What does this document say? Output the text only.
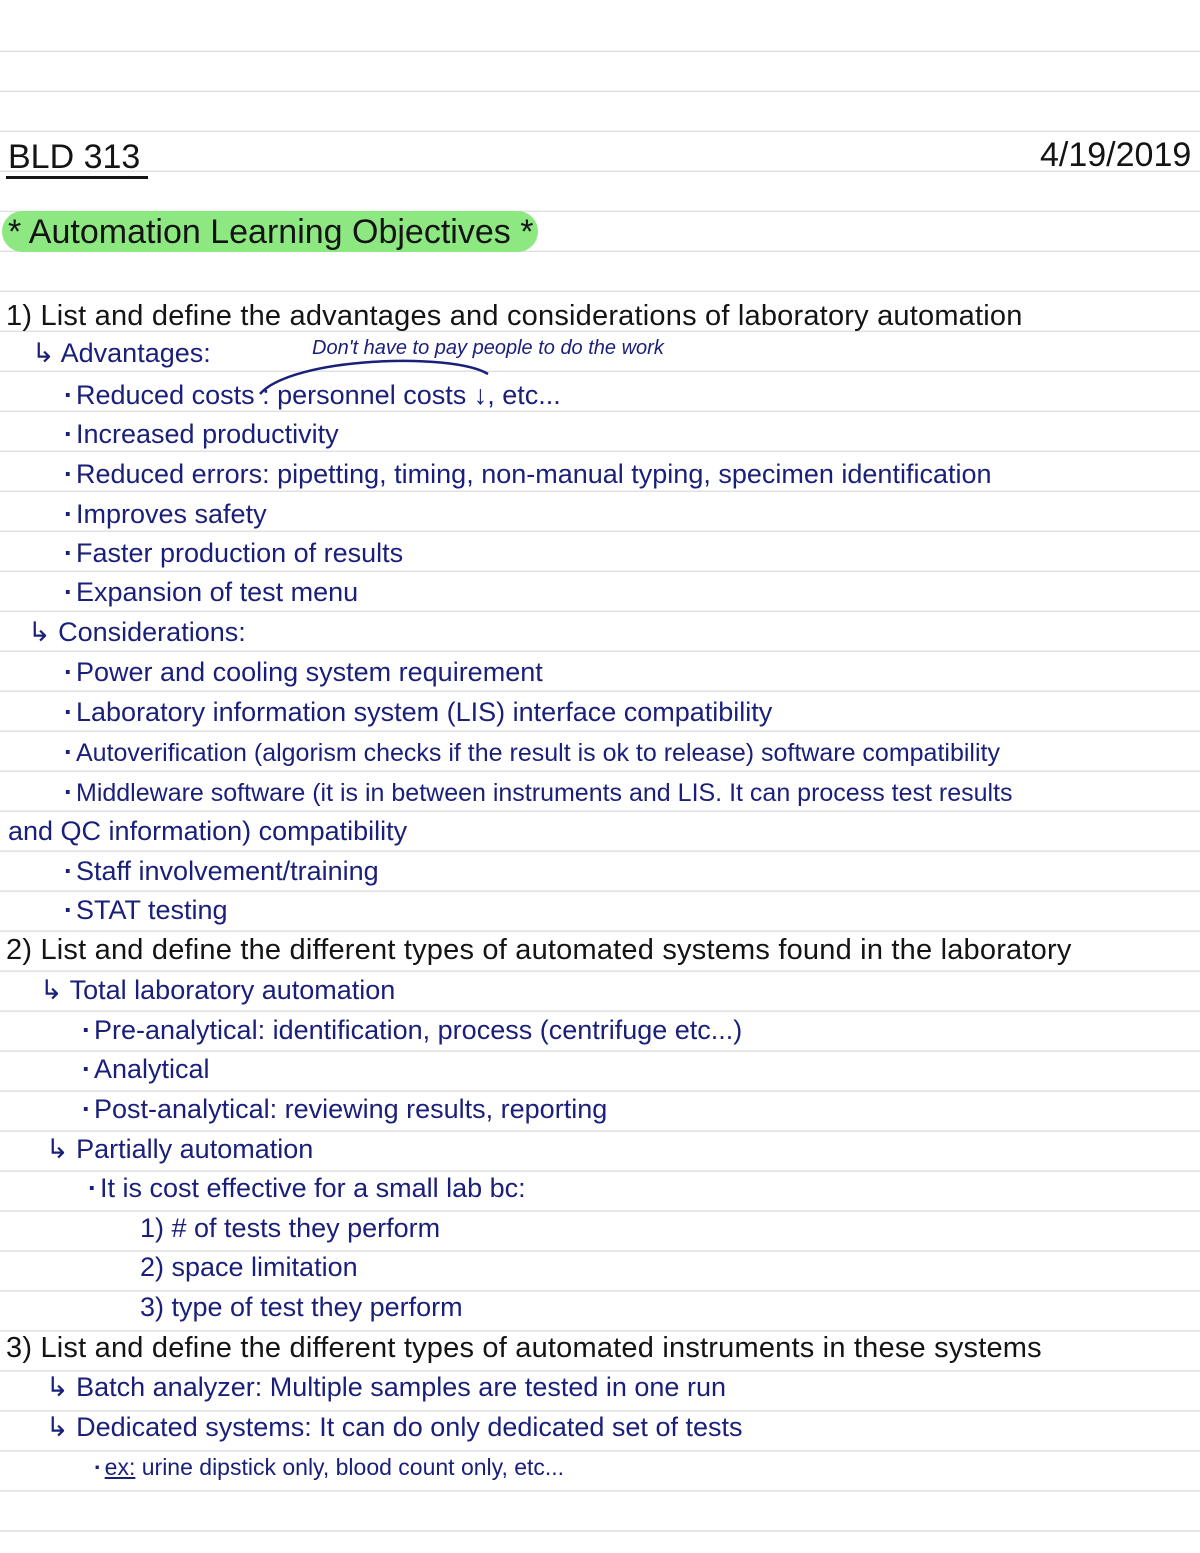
BLD 313	4/19/2019
* Automation Learning Objectives *
1) List and define the advantages and considerations of laboratory automation
Don't have to pay people to do the work
↳ Advantages:
· Reduced costs : personnel costs ↓, etc...
· Increased productivity
· Reduced errors: pipetting, timing, non-manual typing, specimen identification
· Improves safety
· Faster production of results
· Expansion of test menu
↳ Considerations:
· Power and cooling system requirement
· Laboratory information system (LIS) interface compatibility
· Autoverification (algorism checks if the result is ok to release) software compatibility
· Middleware software (it is in between instruments and LIS. It can process test results
and QC information) compatibility
· Staff involvement/training
· STAT testing
2) List and define the different types of automated systems found in the laboratory
↳ Total laboratory automation
· Pre-analytical: identification, process (centrifuge etc...)
· Analytical
· Post-analytical: reviewing results, reporting
↳ Partially automation
· It is cost effective for a small lab bc:
1) # of tests they perform
2) space limitation
3) type of test they perform
3) List and define the different types of automated instruments in these systems
↳ Batch analyzer: Multiple samples are tested in one run
↳ Dedicated systems: It can do only dedicated set of tests
· ex: urine dipstick only, blood count only, etc...
